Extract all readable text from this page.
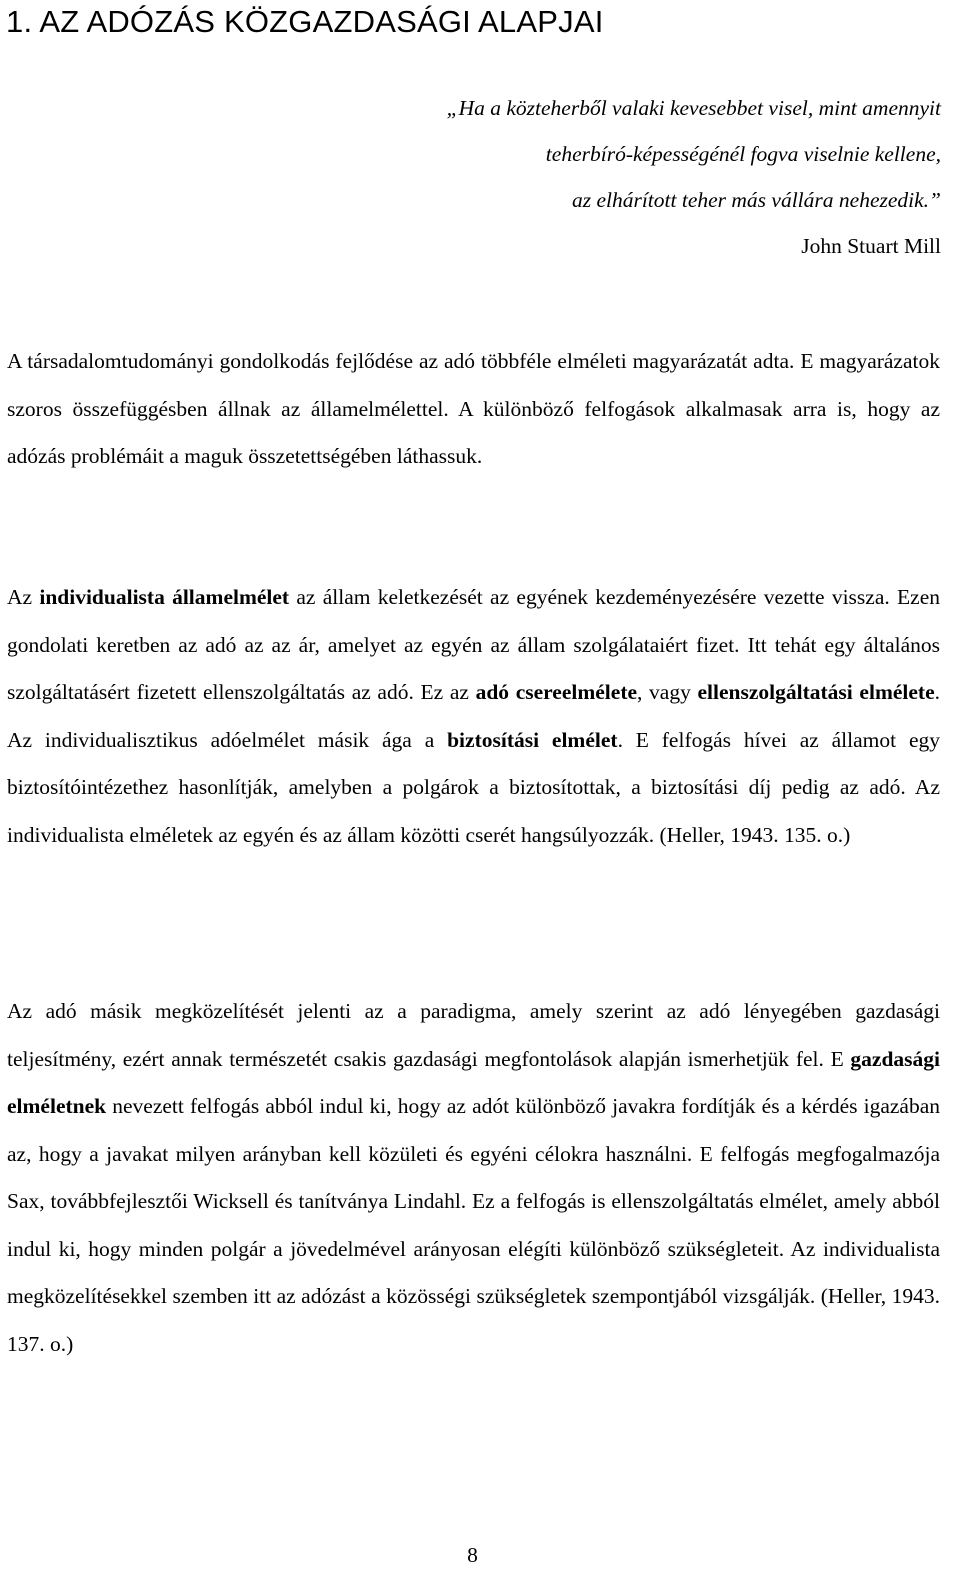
1. AZ ADÓZÁS KÖZGAZDASÁGI ALAPJAI
„Ha a közteherből valaki kevesebbet visel, mint amennyit
teherbíró-képességénél fogva viselnie kellene,
az elhárított teher más vállára nehezedik.”
John Stuart Mill

A társadalomtudományi gondolkodás fejlődése az adó többféle elméleti magyarázatát adta. E magyarázatok szoros összefüggésben állnak az államelmélettel. A különböző felfogások alkalmasak arra is, hogy az adózás problémáit a maguk összetettségében láthassuk.

Az individualista államelmélet az állam keletkezését az egyének kezdeményezésére vezette vissza. Ezen gondolati keretben az adó az az ár, amelyet az egyén az állam szolgálataiért fizet. Itt tehát egy általános szolgáltatásért fizetett ellenszolgáltatás az adó. Ez az adó csereelmélete, vagy ellenszolgáltatási elmélete. Az individualisztikus adóelmélet másik ága a biztosítási elmélet. E felfogás hívei az államot egy biztosítóintézethez hasonlítják, amelyben a polgárok a biztosítottak, a biztosítási díj pedig az adó. Az individualista elméletek az egyén és az állam közötti cserét hangsúlyozzák. (Heller, 1943. 135. o.)

Az adó másik megközelítését jelenti az a paradigma, amely szerint az adó lényegében gazdasági teljesítmény, ezért annak természetét csakis gazdasági megfontolások alapján ismerhetjük fel. E gazdasági elméletnek nevezett felfogás abból indul ki, hogy az adót különböző javakra fordítják és a kérdés igazában az, hogy a javakat milyen arányban kell közületi és egyéni célokra használni. E felfogás megfogalmazója Sax, továbbfejlesztői Wicksell és tanítványa Lindahl. Ez a felfogás is ellenszolgáltatás elmélet, amely abból indul ki, hogy minden polgár a jövedelmével arányosan elégíti különböző szükségleteit. Az individualista megközelítésekkel szemben itt az adózást a közösségi szükségletek szempontjából vizsgálják. (Heller, 1943. 137. o.)

8
